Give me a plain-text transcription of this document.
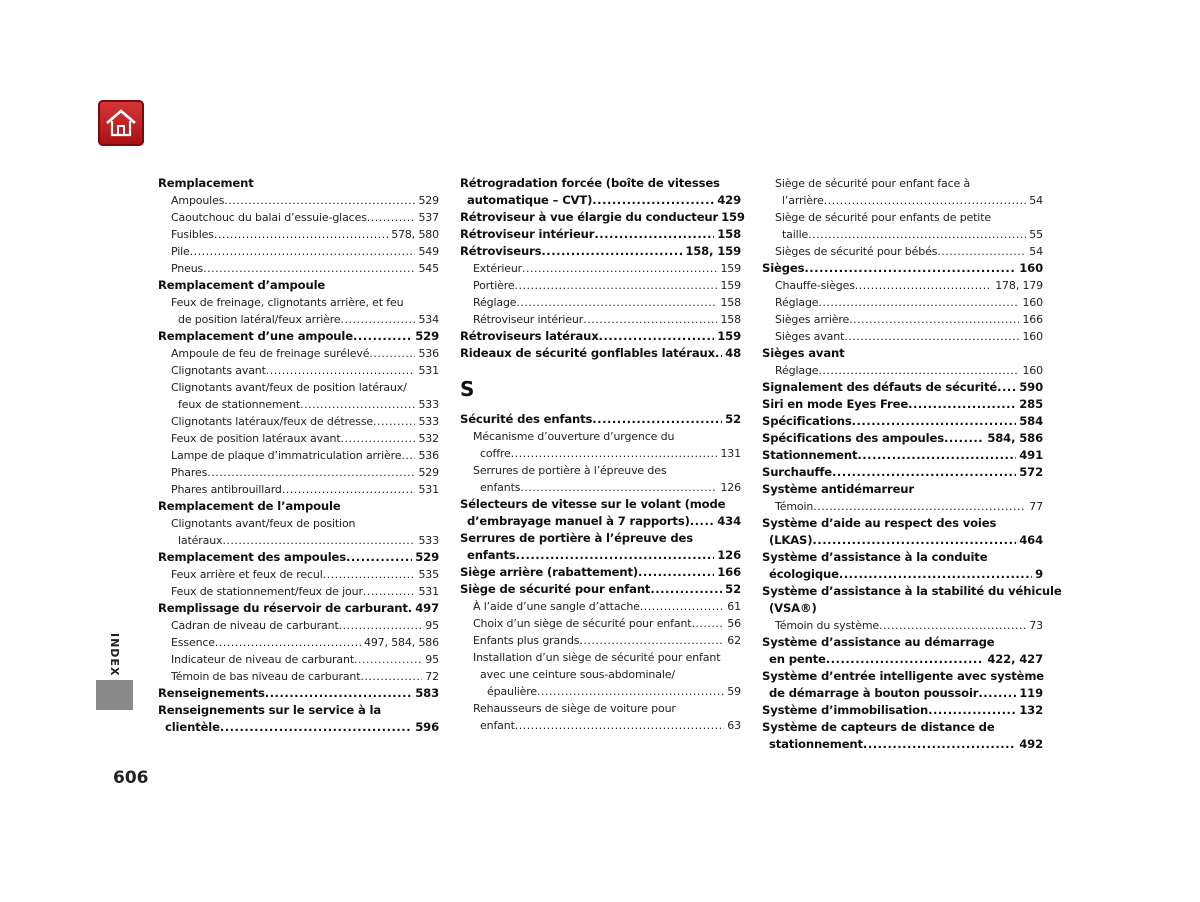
INDEX
606
Remplacement
Ampoules .....	529
Caoutchouc du balai d’essuie-glaces .....	537
Fusibles .....	578, 580
Pile .....	549
Pneus .....	545
Remplacement d’ampoule
Feux de freinage, clignotants arrière, et feu
de position latéral/feux arrière .....	534
Remplacement d’une ampoule .....	529
Ampoule de feu de freinage surélevé .....	536
Clignotants avant .....	531
Clignotants avant/feux de position latéraux/
feux de stationnement .....	533
Clignotants latéraux/feux de détresse .....	533
Feux de position latéraux avant .....	532
Lampe de plaque d’immatriculation arrière ..... 536
Phares .....	529
Phares antibrouillard .....	531
Remplacement de l’ampoule
Clignotants avant/feux de position
latéraux .....	533
Remplacement des ampoules .....	529
Feux arrière et feux de recul .....	535
Feux de stationnement/feux de jour .....	531
Remplissage du réservoir de carburant ..... 497
Cadran de niveau de carburant .....	95
Essence .....	497, 584, 586
Indicateur de niveau de carburant .....	95
Témoin de bas niveau de carburant .....	72
Renseignements .....	583
Renseignements sur le service à la
clientèle .....	596
Rétrogradation forcée (boîte de vitesses
automatique – CVT) .....	429
Rétroviseur à vue élargie du conducteur 159
Rétroviseur intérieur .....	158
Rétroviseurs .....	158, 159
Extérieur .....	159
Portière .....	159
Réglage .....	158
Rétroviseur intérieur .....	158
Rétroviseurs latéraux .....	159
Rideaux de sécurité gonflables latéraux ..... 48
S
Sécurité des enfants .....	52
Mécanisme d’ouverture d’urgence du
coffre .....	131
Serrures de portière à l’épreuve des
enfants .....	126
Sélecteurs de vitesse sur le volant (mode
d’embrayage manuel à 7 rapports) ..... 434
Serrures de portière à l’épreuve des
enfants .....	126
Siège arrière (rabattement) .....	166
Siège de sécurité pour enfant .....	52
À l’aide d’une sangle d’attache .....	61
Choix d’un siège de sécurité pour enfant .....	56
Enfants plus grands .....	62
Installation d’un siège de sécurité pour enfant
avec une ceinture sous-abdominale/
épaulière .....	59
Rehausseurs de siège de voiture pour
enfant .....	63
Siège de sécurité pour enfant face à
l’arrière .....	54
Siège de sécurité pour enfants de petite
taille .....	55
Sièges de sécurité pour bébés .....	54
Sièges .....	160
Chauffe-sièges .....	178, 179
Réglage .....	160
Sièges arrière .....	166
Sièges avant .....	160
Sièges avant
Réglage .....	160
Signalement des défauts de sécurité ..... 590
Siri en mode Eyes Free .....	285
Spécifications .....	584
Spécifications des ampoules .....	584, 586
Stationnement .....	491
Surchauffe .....	572
Système antidémarreur
Témoin .....	77
Système d’aide au respect des voies
(LKAS) .....	464
Système d’assistance à la conduite
écologique .....	9
Système d’assistance à la stabilité du véhicule
(VSA®)
Témoin du système .....	73
Système d’assistance au démarrage
en pente .....	422, 427
Système d’entrée intelligente avec système
de démarrage à bouton poussoir .....	119
Système d’immobilisation .....	132
Système de capteurs de distance de
stationnement .....	492
